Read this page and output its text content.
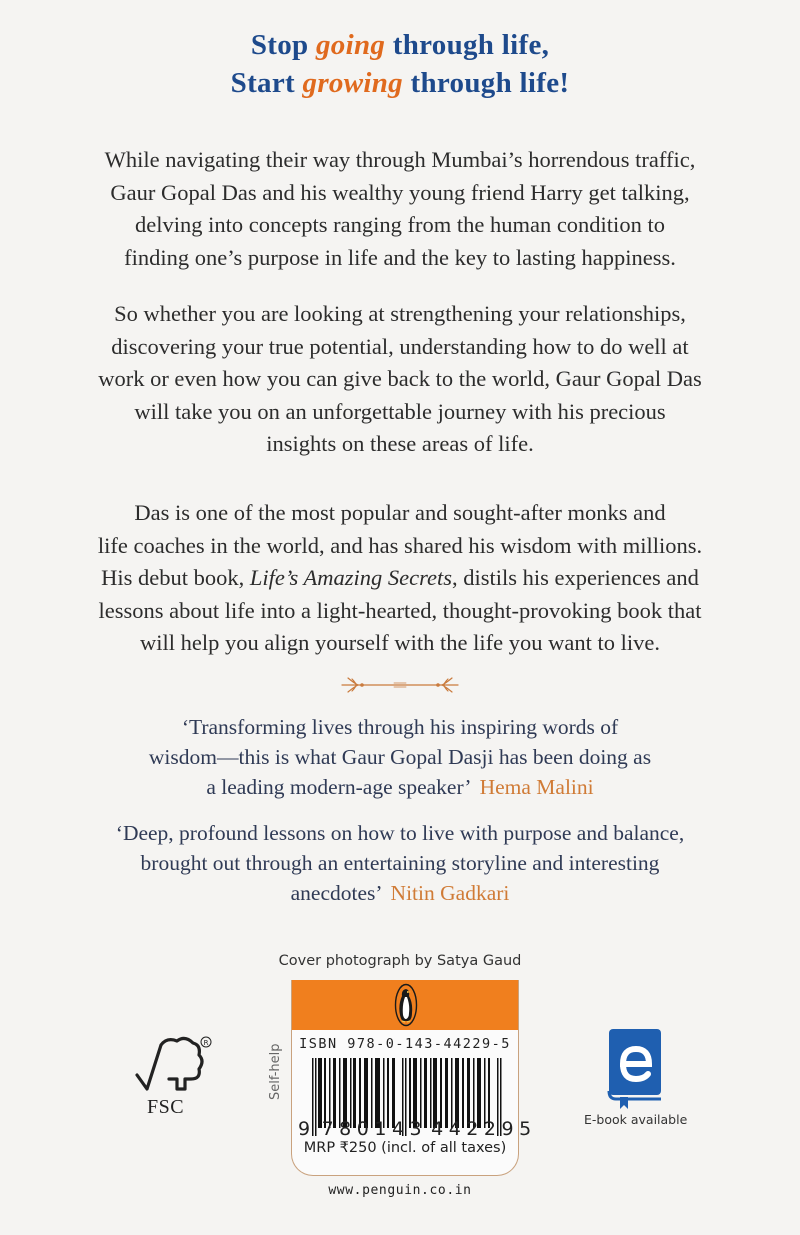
Stop going through life,
Start growing through life!
While navigating their way through Mumbai’s horrendous traffic,
Gaur Gopal Das and his wealthy young friend Harry get talking,
delving into concepts ranging from the human condition to
finding one’s purpose in life and the key to lasting happiness.
So whether you are looking at strengthening your relationships,
discovering your true potential, understanding how to do well at
work or even how you can give back to the world, Gaur Gopal Das
will take you on an unforgettable journey with his precious
insights on these areas of life.
Das is one of the most popular and sought-after monks and
life coaches in the world, and has shared his wisdom with millions.
His debut book, Life’s Amazing Secrets, distils his experiences and
lessons about life into a light-hearted, thought-provoking book that
will help you align yourself with the life you want to live.
‘Transforming lives through his inspiring words of
wisdom—this is what Gaur Gopal Dasji has been doing as
a leading modern-age speaker’ Hema Malini
‘Deep, profound lessons on how to live with purpose and balance,
brought out through an entertaining storyline and interesting
anecdotes’ Nitin Gadkari
Cover photograph by Satya Gaud
R
FSC
Self-help	ISBN 978-0-143-44229-5
9 780143 442295
MRP ₹250 (incl. of all taxes)
www.penguin.co.in
E-book available
